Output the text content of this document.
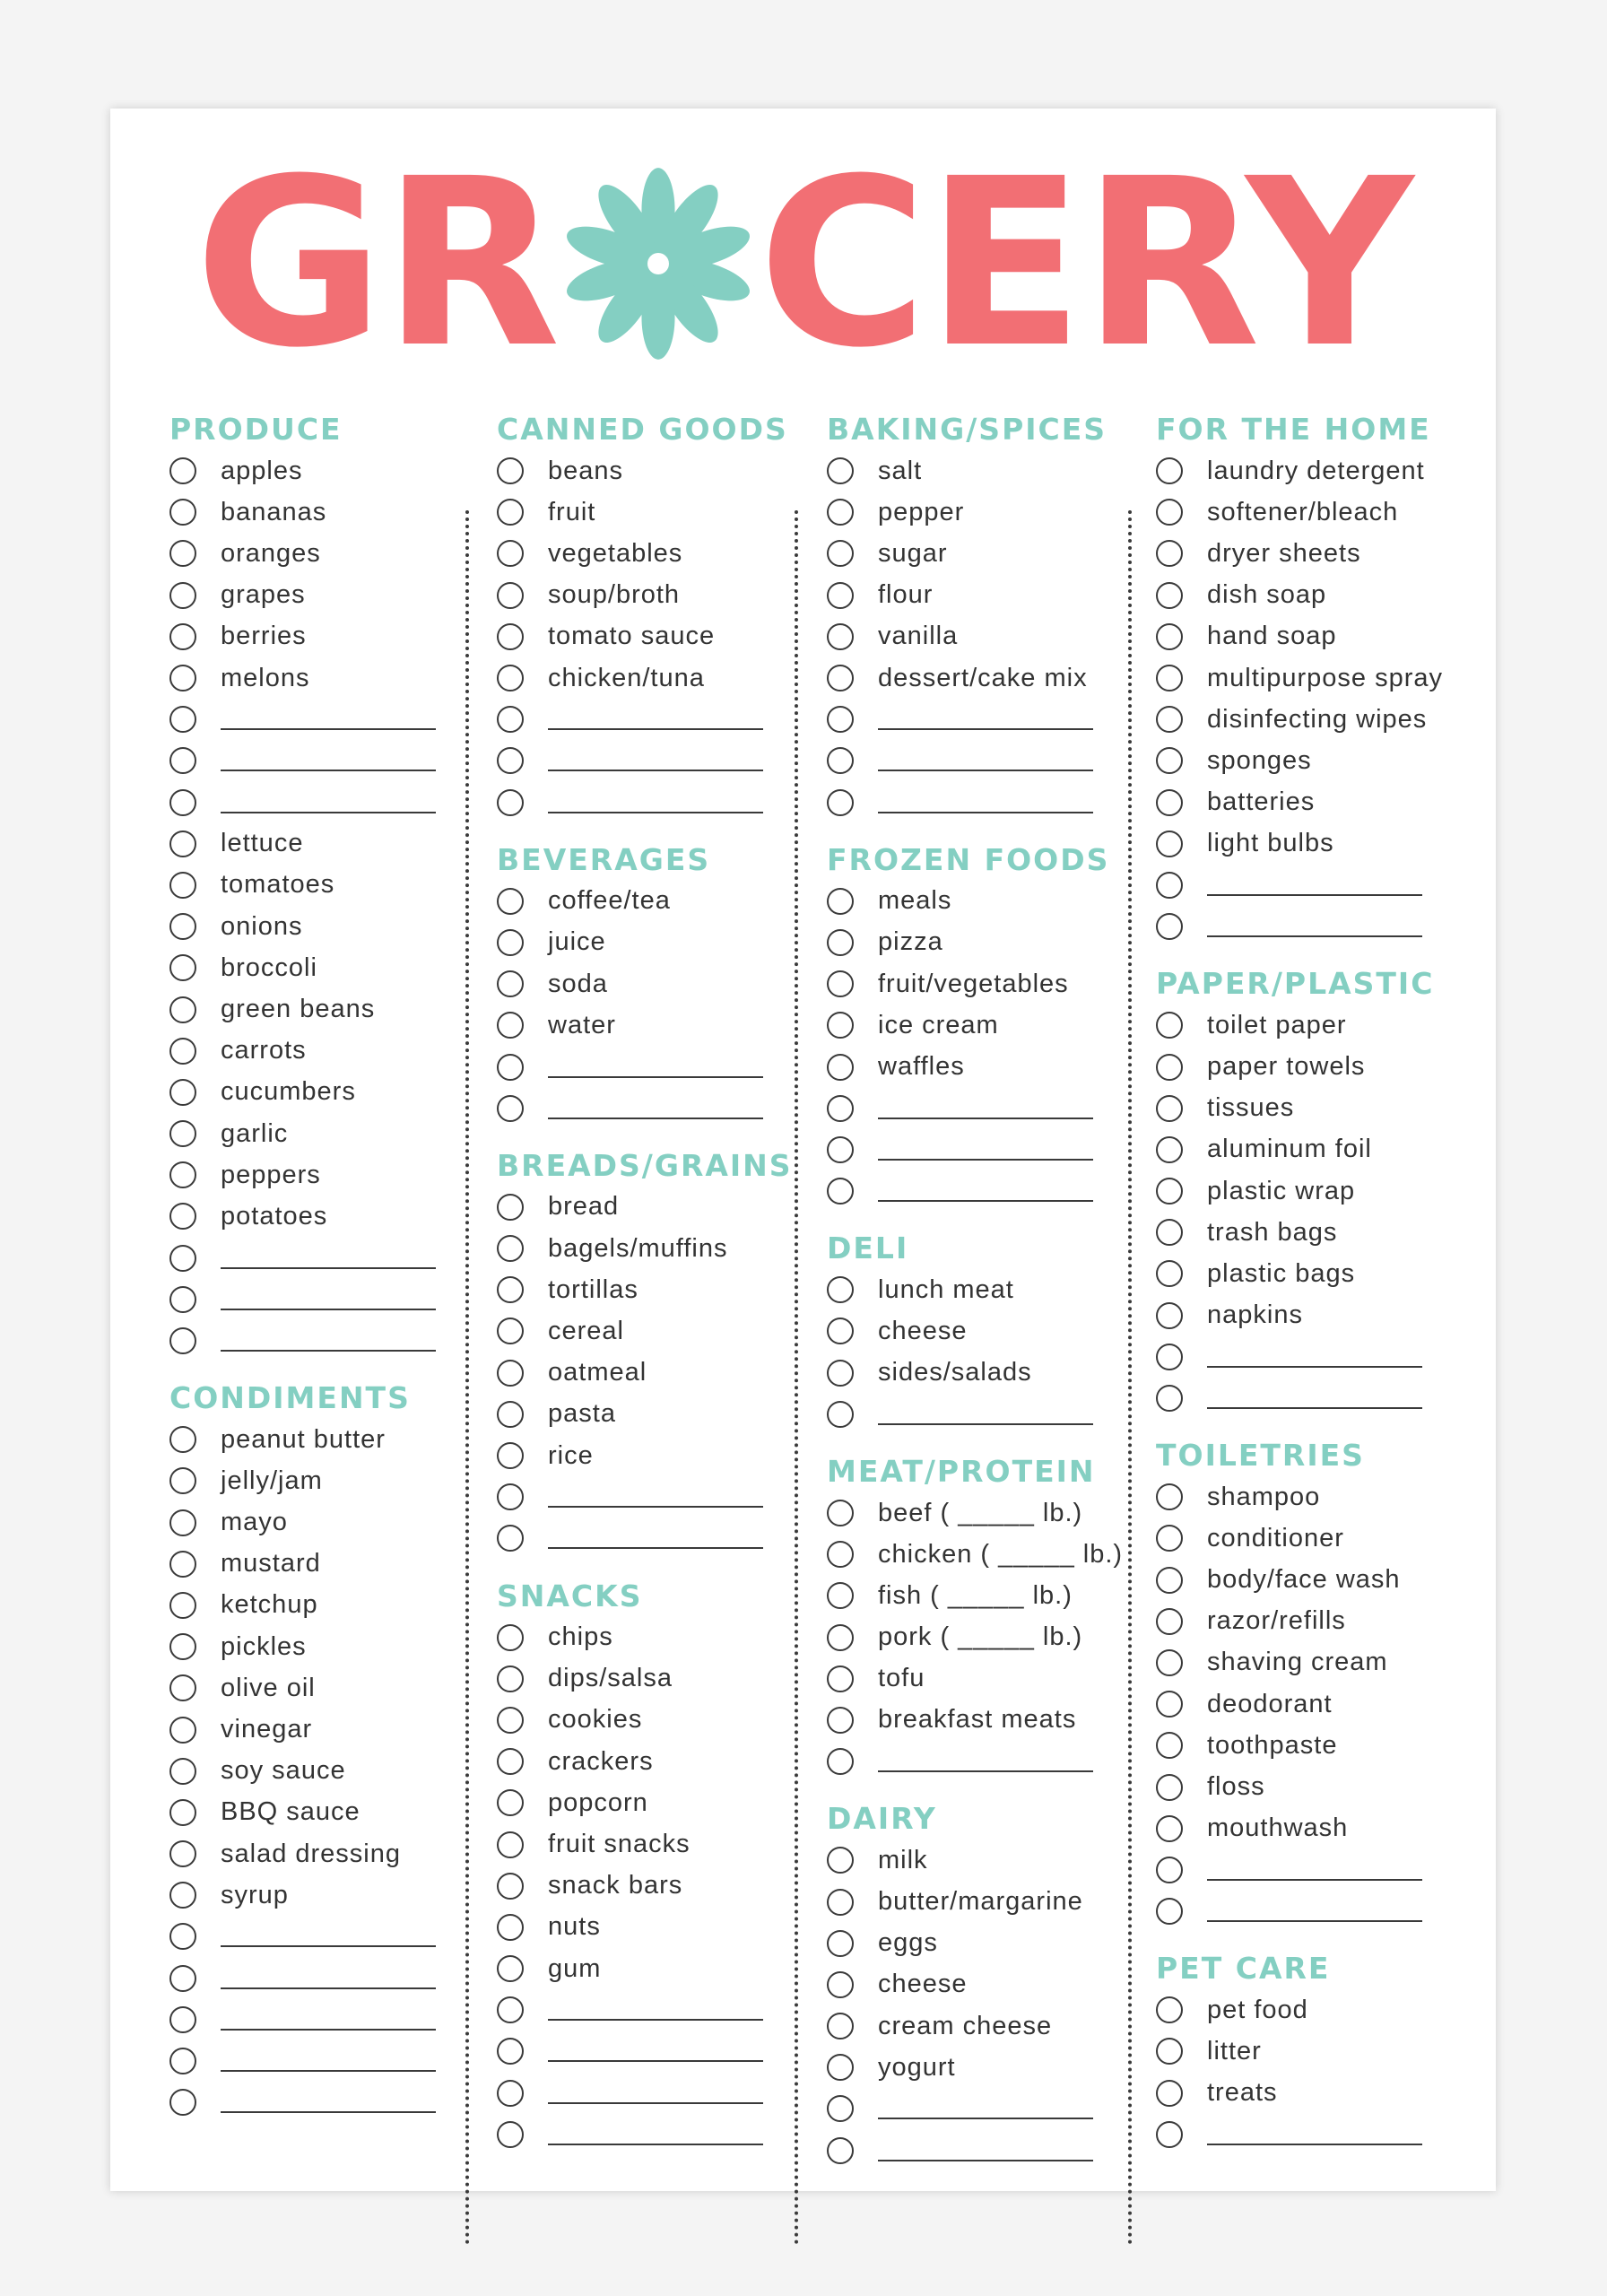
GR CERY
PRODUCE
apples
bananas
oranges
grapes
berries
melons
lettuce
tomatoes
onions
broccoli
green beans
carrots
cucumbers
garlic
peppers
potatoes
CONDIMENTS
peanut butter
jelly/jam
mayo
mustard
ketchup
pickles
olive oil
vinegar
soy sauce
BBQ sauce
salad dressing
syrup
CANNED GOODS
beans
fruit
vegetables
soup/broth
tomato sauce
chicken/tuna
BEVERAGES
coffee/tea
juice
soda
water
BREADS/GRAINS
bread
bagels/muffins
tortillas
cereal
oatmeal
pasta
rice
SNACKS
chips
dips/salsa
cookies
crackers
popcorn
fruit snacks
snack bars
nuts
gum
BAKING/SPICES
salt
pepper
sugar
flour
vanilla
dessert/cake mix
FROZEN FOODS
meals
pizza
fruit/vegetables
ice cream
waffles
DELI
lunch meat
cheese
sides/salads
MEAT/PROTEIN
beef ( _____ lb.)
chicken ( _____ lb.)
fish ( _____ lb.)
pork ( _____ lb.)
tofu
breakfast meats
DAIRY
milk
butter/margarine
eggs
cheese
cream cheese
yogurt
FOR THE HOME
laundry detergent
softener/bleach
dryer sheets
dish soap
hand soap
multipurpose spray
disinfecting wipes
sponges
batteries
light bulbs
PAPER/PLASTIC
toilet paper
paper towels
tissues
aluminum foil
plastic wrap
trash bags
plastic bags
napkins
TOILETRIES
shampoo
conditioner
body/face wash
razor/refills
shaving cream
deodorant
toothpaste
floss
mouthwash
PET CARE
pet food
litter
treats
